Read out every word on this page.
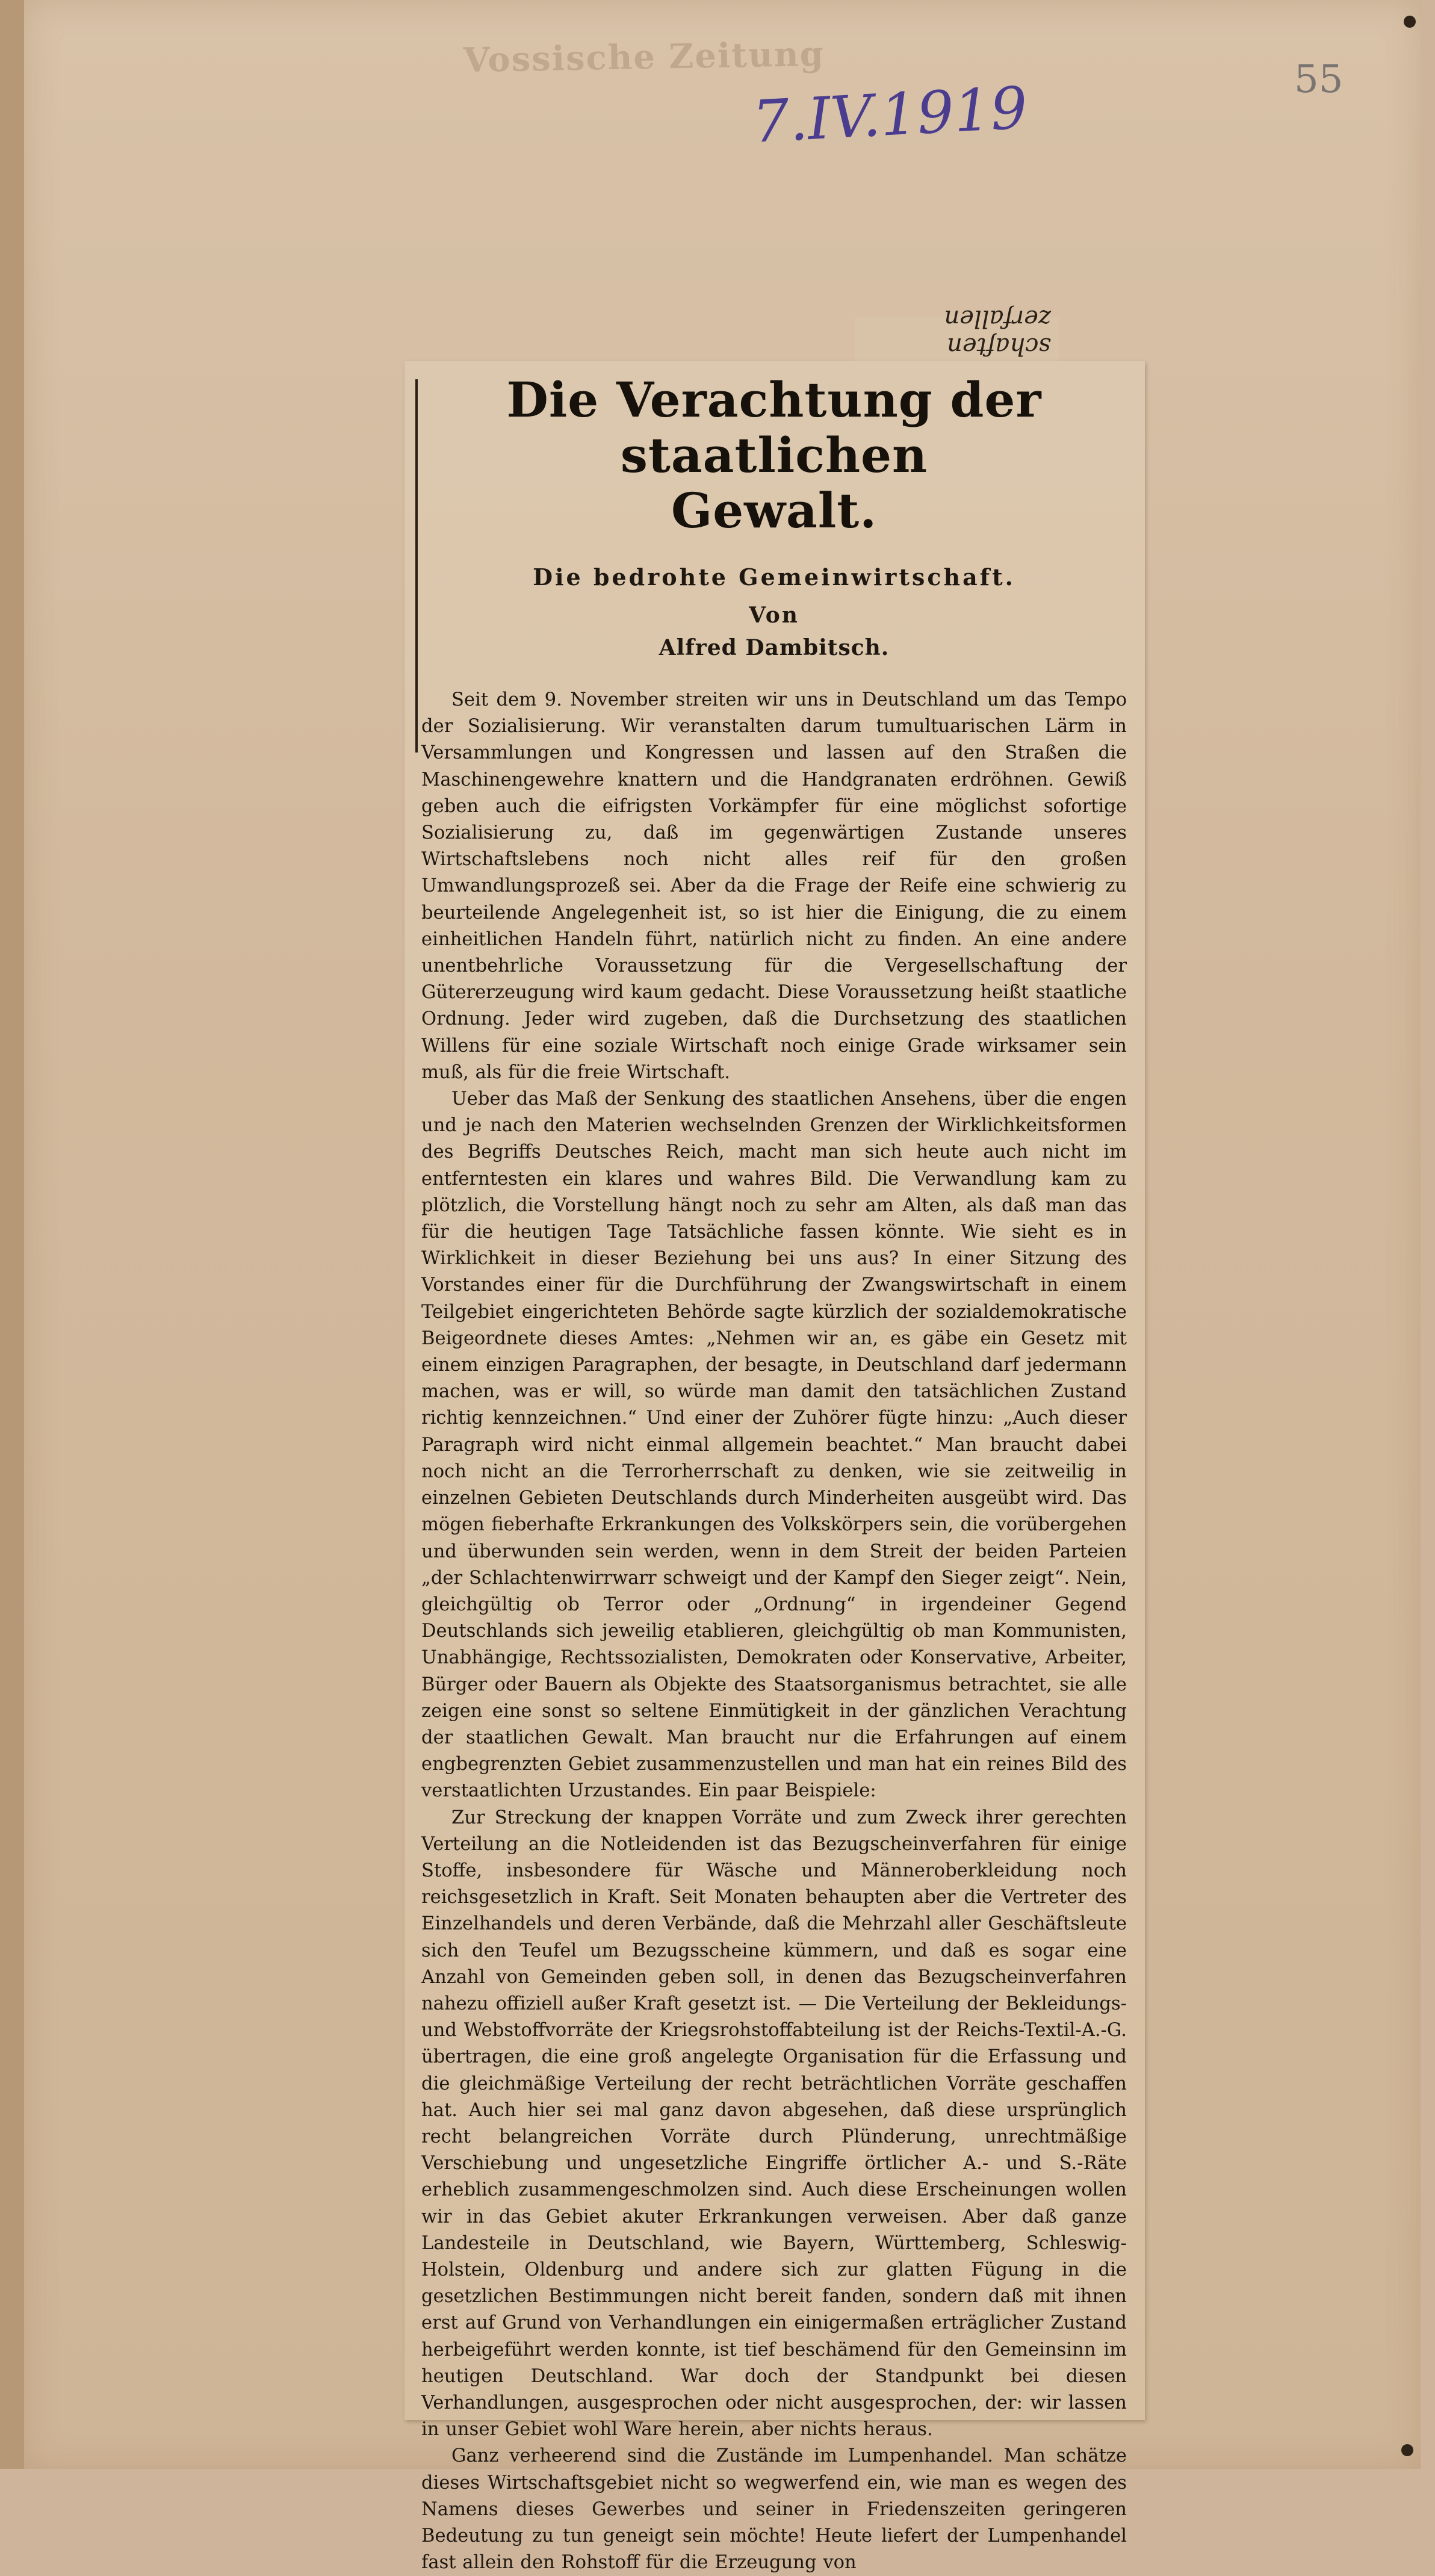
Vossische Zeitung
7.IV.1919	55
schaften zerfallen
Die Verachtung der staatlichen
Gewalt.
Die bedrohte Gemeinwirtschaft.
Von
Alfred Dambitsch.

Seit dem 9. November streiten wir uns in Deutschland um das Tempo der Sozialisierung. Wir veranstalten darum tumultuarischen Lärm in Versammlungen und Kongressen und lassen auf den Straßen die Maschinengewehre knattern und die Handgranaten erdröhnen. Gewiß geben auch die eifrigsten Vorkämpfer für eine möglichst sofortige Sozialisierung zu, daß im gegenwärtigen Zustande unseres Wirtschaftslebens noch nicht alles reif für den großen Umwandlungsprozeß sei. Aber da die Frage der Reife eine schwierig zu beurteilende Angelegenheit ist, so ist hier die Einigung, die zu einem einheitlichen Handeln führt, natürlich nicht zu finden. An eine andere unentbehrliche Voraussetzung für die Vergesellschaftung der Gütererzeugung wird kaum gedacht. Diese Voraussetzung heißt staatliche Ordnung. Jeder wird zugeben, daß die Durchsetzung des staatlichen Willens für eine soziale Wirtschaft noch einige Grade wirksamer sein muß, als für die freie Wirtschaft.

Ueber das Maß der Senkung des staatlichen Ansehens, über die engen und je nach den Materien wechselnden Grenzen der Wirklichkeitsformen des Begriffs Deutsches Reich, macht man sich heute auch nicht im entferntesten ein klares und wahres Bild. Die Verwandlung kam zu plötzlich, die Vorstellung hängt noch zu sehr am Alten, als daß man das für die heutigen Tage Tatsächliche fassen könnte. Wie sieht es in Wirklichkeit in dieser Beziehung bei uns aus? In einer Sitzung des Vorstandes einer für die Durchführung der Zwangswirtschaft in einem Teilgebiet eingerichteten Behörde sagte kürzlich der sozialdemokratische Beigeordnete dieses Amtes: „Nehmen wir an, es gäbe ein Gesetz mit einem einzigen Paragraphen, der besagte, in Deutschland darf jedermann machen, was er will, so würde man damit den tatsächlichen Zustand richtig kennzeichnen.“ Und einer der Zuhörer fügte hinzu: „Auch dieser Paragraph wird nicht einmal allgemein beachtet.“ Man braucht dabei noch nicht an die Terrorherrschaft zu denken, wie sie zeitweilig in einzelnen Gebieten Deutschlands durch Minderheiten ausgeübt wird. Das mögen fieberhafte Erkrankungen des Volkskörpers sein, die vorübergehen und überwunden sein werden, wenn in dem Streit der beiden Parteien „der Schlachtenwirrwarr schweigt und der Kampf den Sieger zeigt“. Nein, gleichgültig ob Terror oder „Ordnung“ in irgendeiner Gegend Deutschlands sich jeweilig etablieren, gleichgültig ob man Kommunisten, Unabhängige, Rechtssozialisten, Demokraten oder Konservative, Arbeiter, Bürger oder Bauern als Objekte des Staatsorganismus betrachtet, sie alle zeigen eine sonst so seltene Einmütigkeit in der gänzlichen Verachtung der staatlichen Gewalt. Man braucht nur die Erfahrungen auf einem engbegrenzten Gebiet zusammenzustellen und man hat ein reines Bild des verstaatlichten Urzustandes. Ein paar Beispiele:

Zur Streckung der knappen Vorräte und zum Zweck ihrer gerechten Verteilung an die Notleidenden ist das Bezugscheinverfahren für einige Stoffe, insbesondere für Wäsche und Männeroberkleidung noch reichsgesetzlich in Kraft. Seit Monaten behaupten aber die Vertreter des Einzelhandels und deren Verbände, daß die Mehrzahl aller Geschäftsleute sich den Teufel um Bezugsscheine kümmern, und daß es sogar eine Anzahl von Gemeinden geben soll, in denen das Bezugscheinverfahren nahezu offiziell außer Kraft gesetzt ist. — Die Verteilung der Bekleidungs- und Webstoffvorräte der Kriegsrohstoffabteilung ist der Reichs-Textil-A.-G. übertragen, die eine groß angelegte Organisation für die Erfassung und die gleichmäßige Verteilung der recht beträchtlichen Vorräte geschaffen hat. Auch hier sei mal ganz davon abgesehen, daß diese ursprünglich recht belangreichen Vorräte durch Plünderung, unrechtmäßige Verschiebung und ungesetzliche Eingriffe örtlicher A.- und S.-Räte erheblich zusammengeschmolzen sind. Auch diese Erscheinungen wollen wir in das Gebiet akuter Erkrankungen verweisen. Aber daß ganze Landesteile in Deutschland, wie Bayern, Württemberg, Schleswig-Holstein, Oldenburg und andere sich zur glatten Fügung in die gesetzlichen Bestimmungen nicht bereit fanden, sondern daß mit ihnen erst auf Grund von Verhandlungen ein einigermaßen erträglicher Zustand herbeigeführt werden konnte, ist tief beschämend für den Gemeinsinn im heutigen Deutschland. War doch der Standpunkt bei diesen Verhandlungen, ausgesprochen oder nicht ausgesprochen, der: wir lassen in unser Gebiet wohl Ware herein, aber nichts heraus.

Ganz verheerend sind die Zustände im Lumpenhandel. Man schätze dieses Wirtschaftsgebiet nicht so wegwerfend ein, wie man es wegen des Namens dieses Gewerbes und seiner in Friedenszeiten geringeren Bedeutung zu tun geneigt sein möchte! Heute liefert der Lumpenhandel fast allein den Rohstoff für die Erzeugung von
